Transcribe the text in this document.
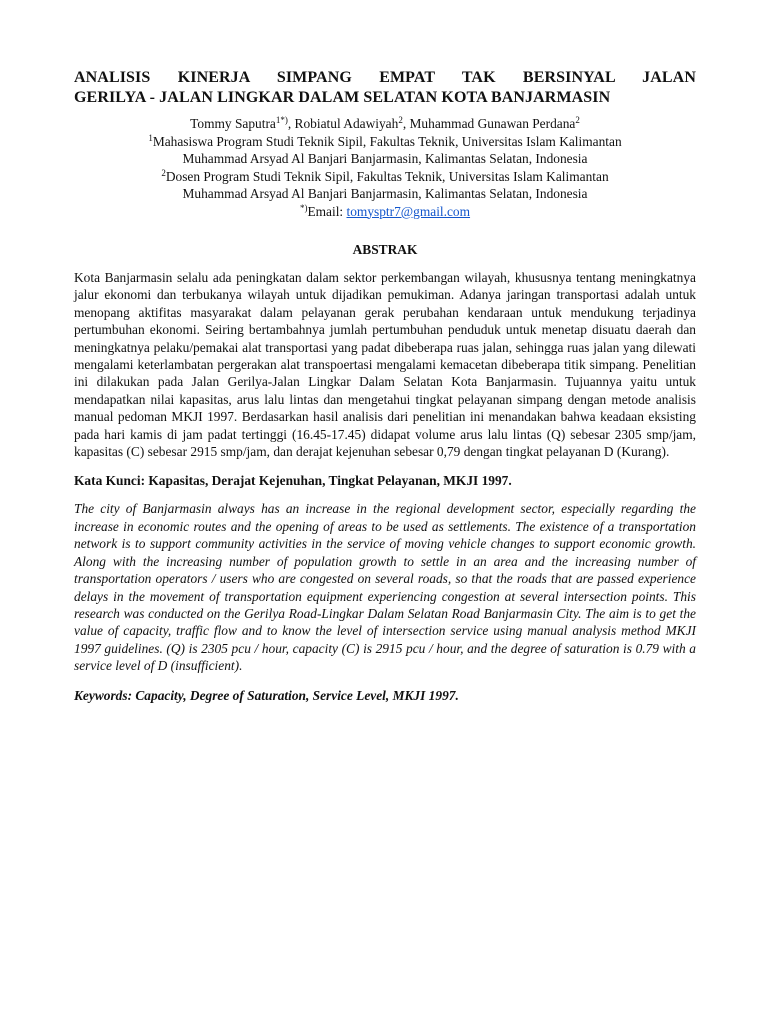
ANALISIS KINERJA SIMPANG EMPAT TAK BERSINYAL JALAN
GERILYA - JALAN LINGKAR DALAM SELATAN KOTA BANJARMASIN
Tommy Saputra$^{1*)}$, Robiatul Adawiyah$^2$, Muhammad Gunawan Perdana$^2$
$^1$Mahasiswa Program Studi Teknik Sipil, Fakultas Teknik, Universitas Islam Kalimantan
Muhammad Arsyad Al Banjari Banjarmasin, Kalimantas Selatan, Indonesia
$^2$Dosen Program Studi Teknik Sipil, Fakultas Teknik, Universitas Islam Kalimantan
Muhammad Arsyad Al Banjari Banjarmasin, Kalimantas Selatan, Indonesia
*)Email: tomysptr7@gmail.com
ABSTRAK

Kota Banjarmasin selalu ada peningkatan dalam sektor perkembangan wilayah, khususnya tentang meningkatnya jalur ekonomi dan terbukanya wilayah untuk dijadikan pemukiman. Adanya jaringan transportasi adalah untuk menopang aktifitas masyarakat dalam pelayanan gerak perubahan kendaraan untuk mendukung terjadinya pertumbuhan ekonomi. Seiring bertambahnya jumlah pertumbuhan penduduk untuk menetap disuatu daerah dan meningkatnya pelaku/pemakai alat transportasi yang padat dibeberapa ruas jalan, sehingga ruas jalan yang dilewati mengalami keterlambatan pergerakan alat transpoertasi mengalami kemacetan dibeberapa titik simpang. Penelitian ini dilakukan pada Jalan Gerilya-Jalan Lingkar Dalam Selatan Kota Banjarmasin. Tujuannya yaitu untuk mendapatkan nilai kapasitas, arus lalu lintas dan mengetahui tingkat pelayanan simpang dengan metode analisis manual pedoman MKJI 1997. Berdasarkan hasil analisis dari penelitian ini menandakan bahwa keadaan eksisting pada hari kamis di jam padat tertinggi (16.45-17.45) didapat volume arus lalu lintas (Q) sebesar 2305 smp/jam, kapasitas (C) sebesar 2915 smp/jam, dan derajat kejenuhan sebesar 0,79 dengan tingkat pelayanan D (Kurang).

Kata Kunci: Kapasitas, Derajat Kejenuhan, Tingkat Pelayanan, MKJI 1997.

The city of Banjarmasin always has an increase in the regional development sector, especially regarding the increase in economic routes and the opening of areas to be used as settlements. The existence of a transportation network is to support community activities in the service of moving vehicle changes to support economic growth. Along with the increasing number of population growth to settle in an area and the increasing number of transportation operators / users who are congested on several roads, so that the roads that are passed experience delays in the movement of transportation equipment experiencing congestion at several intersection points. This research was conducted on the Gerilya Road-Lingkar Dalam Selatan Road Banjarmasin City. The aim is to get the value of capacity, traffic flow and to know the level of intersection service using manual analysis method MKJI 1997 guidelines. (Q) is 2305 pcu / hour, capacity (C) is 2915 pcu / hour, and the degree of saturation is 0.79 with a service level of D (insufficient).

Keywords: Capacity, Degree of Saturation, Service Level, MKJI 1997.
